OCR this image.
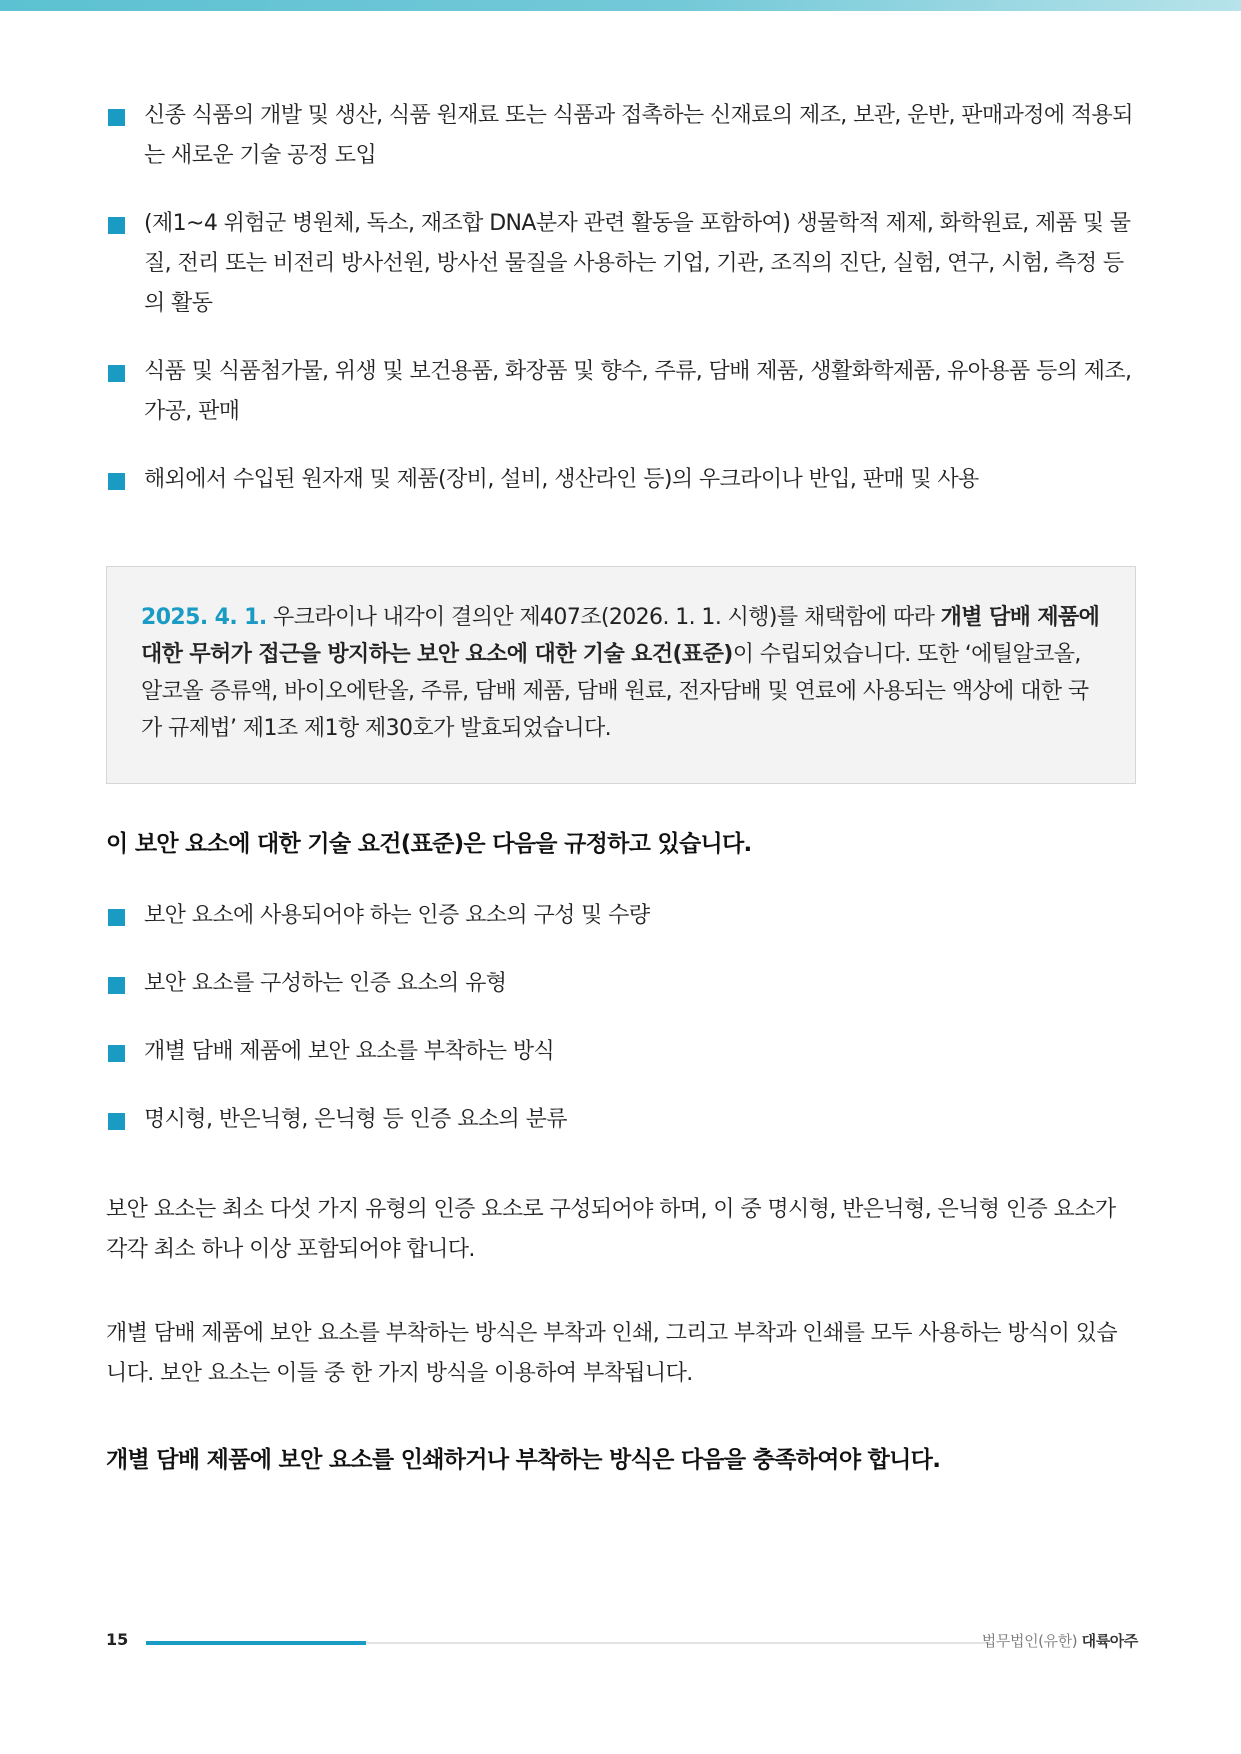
신종 식품의 개발 및 생산, 식품 원재료 또는 식품과 접촉하는 신재료의 제조, 보관, 운반, 판매과정에 적용되는 새로운 기술 공정 도입
(제1~4 위험군 병원체, 독소, 재조합 DNA분자 관련 활동을 포함하여) 생물학적 제제, 화학원료, 제품 및 물질, 전리 또는 비전리 방사선원, 방사선 물질을 사용하는 기업, 기관, 조직의 진단, 실험, 연구, 시험, 측정 등의 활동
식품 및 식품첨가물, 위생 및 보건용품, 화장품 및 향수, 주류, 담배 제품, 생활화학제품, 유아용품 등의 제조, 가공, 판매
해외에서 수입된 원자재 및 제품(장비, 설비, 생산라인 등)의 우크라이나 반입, 판매 및 사용
2025. 4. 1. 우크라이나 내각이 결의안 제407조(2026. 1. 1. 시행)를 채택함에 따라 개별 담배 제품에 대한 무허가 접근을 방지하는 보안 요소에 대한 기술 요건(표준)이 수립되었습니다. 또한 ‘에틸알코올, 알코올 증류액, 바이오에탄올, 주류, 담배 제품, 담배 원료, 전자담배 및 연료에 사용되는 액상에 대한 국가 규제법’ 제1조 제1항 제30호가 발효되었습니다.

이 보안 요소에 대한 기술 요건(표준)은 다음을 규정하고 있습니다.

보안 요소에 사용되어야 하는 인증 요소의 구성 및 수량
보안 요소를 구성하는 인증 요소의 유형
개별 담배 제품에 보안 요소를 부착하는 방식
명시형, 반은닉형, 은닉형 등 인증 요소의 분류

보안 요소는 최소 다섯 가지 유형의 인증 요소로 구성되어야 하며, 이 중 명시형, 반은닉형, 은닉형 인증 요소가 각각 최소 하나 이상 포함되어야 합니다.

개별 담배 제품에 보안 요소를 부착하는 방식은 부착과 인쇄, 그리고 부착과 인쇄를 모두 사용하는 방식이 있습니다. 보안 요소는 이들 중 한 가지 방식을 이용하여 부착됩니다.

개별 담배 제품에 보안 요소를 인쇄하거나 부착하는 방식은 다음을 충족하여야 합니다.

15	법무법인(유한) 대륙아주
